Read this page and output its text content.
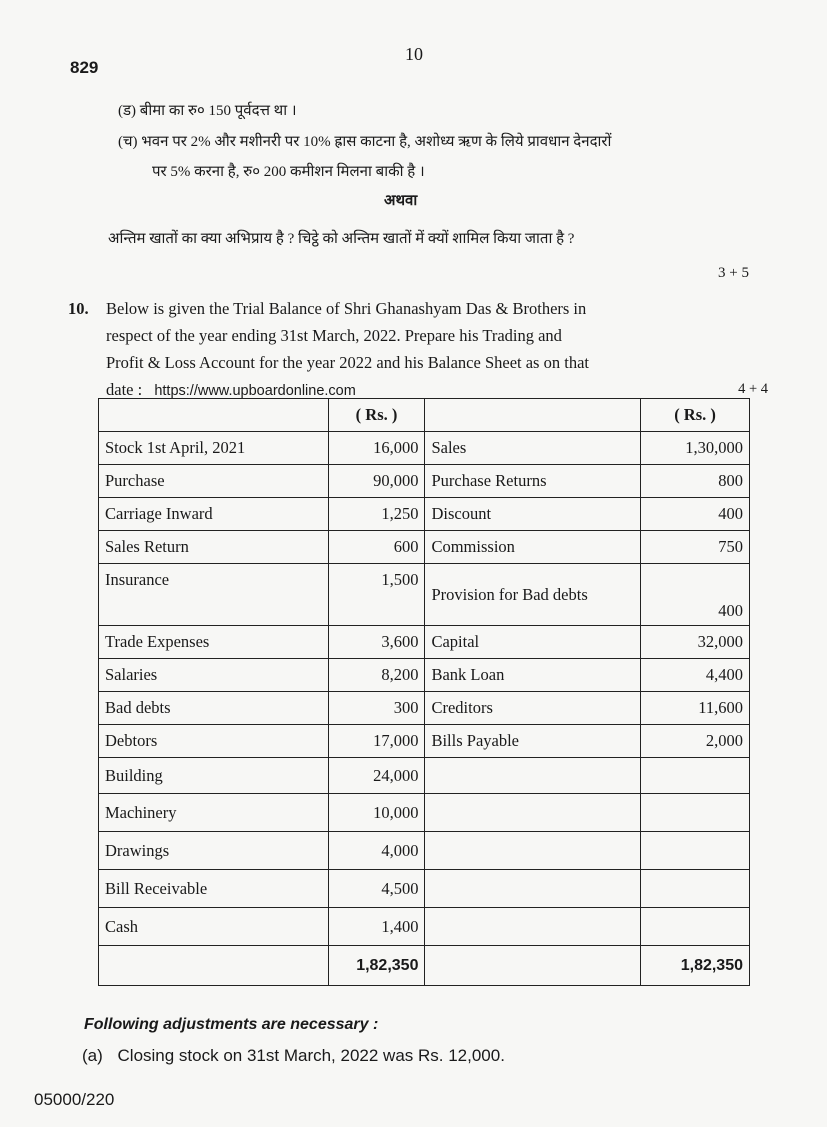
829
10
(ड) बीमा का रु० 150 पूर्वदत्त था ।
(च) भवन पर 2% और मशीनरी पर 10% ह्रास काटना है, अशोध्य ऋण के लिये प्रावधान देनदारों
पर 5% करना है, रु० 200 कमीशन मिलना बाकी है ।
अथवा
अन्तिम खातों का क्या अभिप्राय है ? चिट्ठे को अन्तिम खातों में क्यों शामिल किया जाता है ?
3 + 5
10. Below is given the Trial Balance of Shri Ghanashyam Das & Brothers in
respect of the year ending 31st March, 2022. Prepare his Trading and
Profit & Loss Account for the year 2022 and his Balance Sheet as on that
date : https://www.upboardonline.com	4 + 4
	( Rs. )		( Rs. )
Stock 1st April, 2021	16,000	Sales	1,30,000
Purchase	90,000	Purchase Returns	800
Carriage Inward	1,250	Discount	400
Sales Return	600	Commission	750
Insurance	1,500	Provision for Bad debts	400
Trade Expenses	3,600	Capital	32,000
Salaries	8,200	Bank Loan	4,400
Bad debts	300	Creditors	11,600
Debtors	17,000	Bills Payable	2,000
Building	24,000		
Machinery	10,000		
Drawings	4,000		
Bill Receivable	4,500		
Cash	1,400		
	1,82,350		1,82,350
Following adjustments are necessary :
(a) Closing stock on 31st March, 2022 was Rs. 12,000.
05000/220
